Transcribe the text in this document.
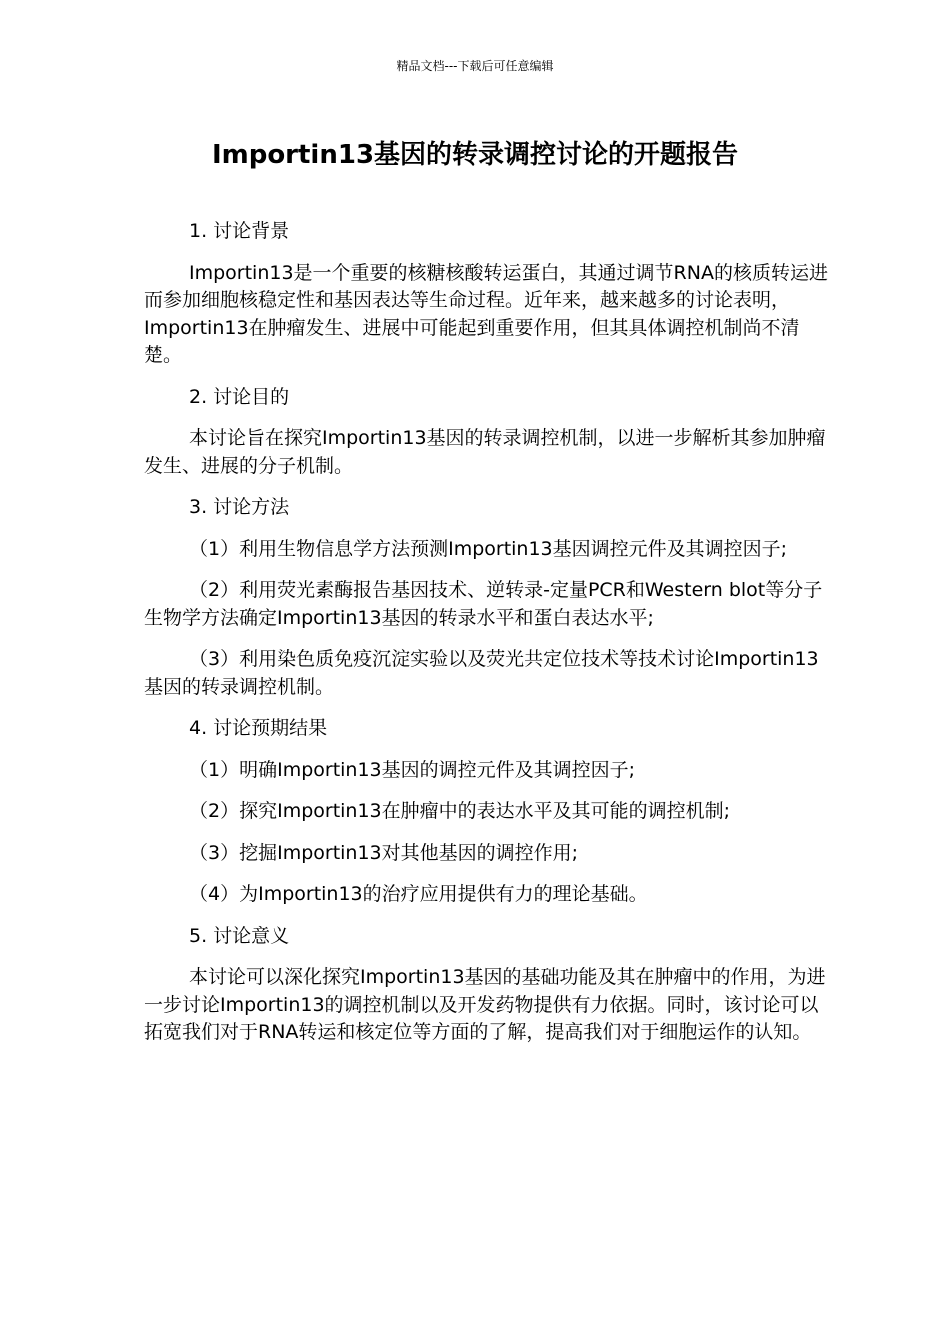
精品文档---下载后可任意编辑
Importin13基因的转录调控讨论的开题报告

1. 讨论背景

Importin13是一个重要的核糖核酸转运蛋白，其通过调节RNA的核质转运进而参加细胞核稳定性和基因表达等生命过程。近年来，越来越多的讨论表明，Importin13在肿瘤发生、进展中可能起到重要作用，但其具体调控机制尚不清楚。

2. 讨论目的

本讨论旨在探究Importin13基因的转录调控机制，以进一步解析其参加肿瘤发生、进展的分子机制。

3. 讨论方法

（1）利用生物信息学方法预测Importin13基因调控元件及其调控因子;

（2）利用荧光素酶报告基因技术、逆转录-定量PCR和Western blot等分子生物学方法确定Importin13基因的转录水平和蛋白表达水平;

（3）利用染色质免疫沉淀实验以及荧光共定位技术等技术讨论Importin13基因的转录调控机制。

4. 讨论预期结果

（1）明确Importin13基因的调控元件及其调控因子;

（2）探究Importin13在肿瘤中的表达水平及其可能的调控机制;

（3）挖掘Importin13对其他基因的调控作用;

（4）为Importin13的治疗应用提供有力的理论基础。

5. 讨论意义

本讨论可以深化探究Importin13基因的基础功能及其在肿瘤中的作用，为进一步讨论Importin13的调控机制以及开发药物提供有力依据。同时，该讨论可以拓宽我们对于RNA转运和核定位等方面的了解，提高我们对于细胞运作的认知。
